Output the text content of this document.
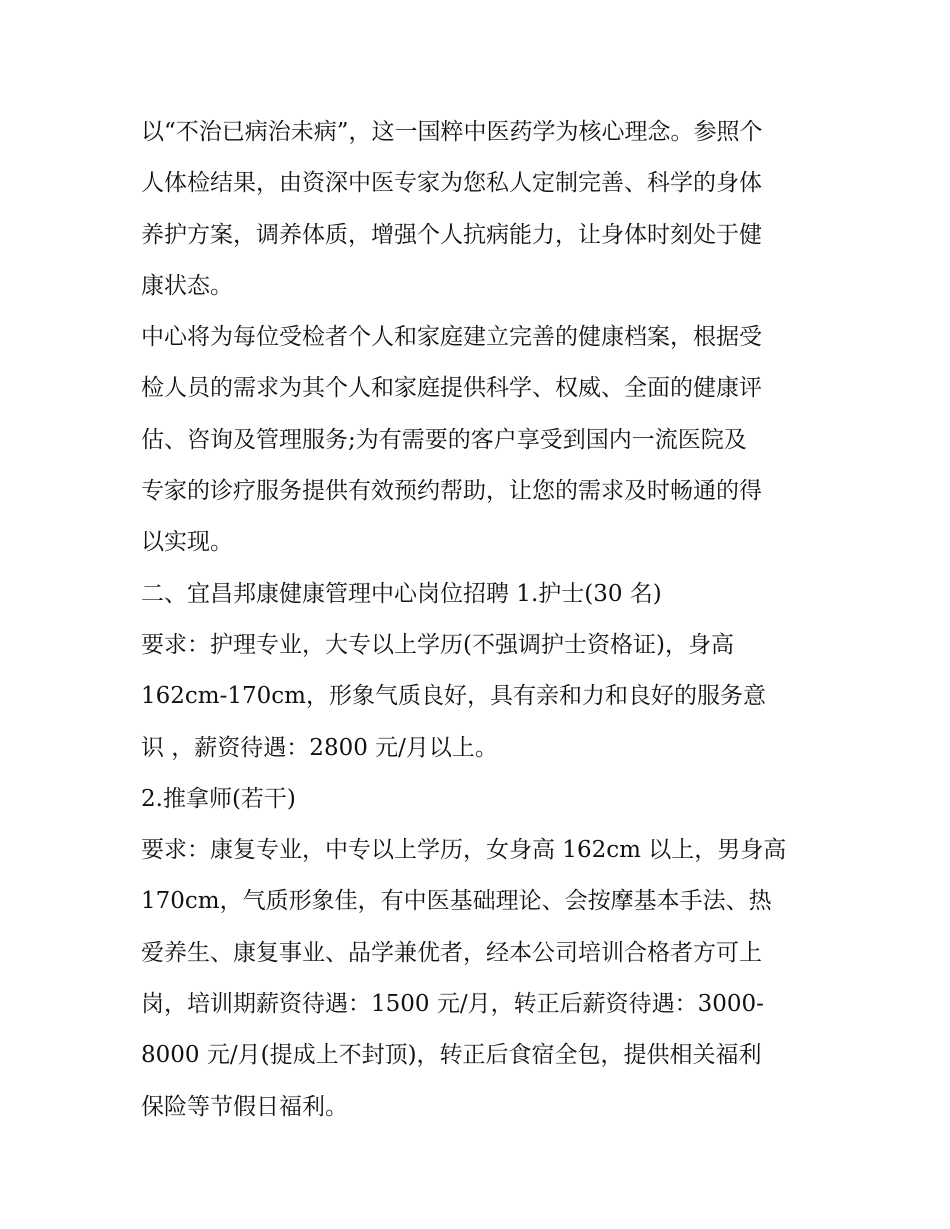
以“不治已病治未病”，这一国粹中医药学为核心理念。参照个
人体检结果，由资深中医专家为您私人定制完善、科学的身体
养护方案，调养体质，增强个人抗病能力，让身体时刻处于健
康状态。
中心将为每位受检者个人和家庭建立完善的健康档案，根据受
检人员的需求为其个人和家庭提供科学、权威、全面的健康评
估、咨询及管理服务;为有需要的客户享受到国内一流医院及
专家的诊疗服务提供有效预约帮助，让您的需求及时畅通的得
以实现。
二、宜昌邦康健康管理中心岗位招聘 1.护士(30 名)
要求：护理专业，大专以上学历(不强调护士资格证)，身高
162cm-170cm，形象气质良好，具有亲和力和良好的服务意
识 ，薪资待遇：2800 元/月以上。
2.推拿师(若干)
要求：康复专业，中专以上学历，女身高 162cm 以上，男身高
170cm，气质形象佳，有中医基础理论、会按摩基本手法、热
爱养生、康复事业、品学兼优者，经本公司培训合格者方可上
岗，培训期薪资待遇：1500 元/月，转正后薪资待遇：3000-
8000 元/月(提成上不封顶)，转正后食宿全包，提供相关福利
保险等节假日福利。
